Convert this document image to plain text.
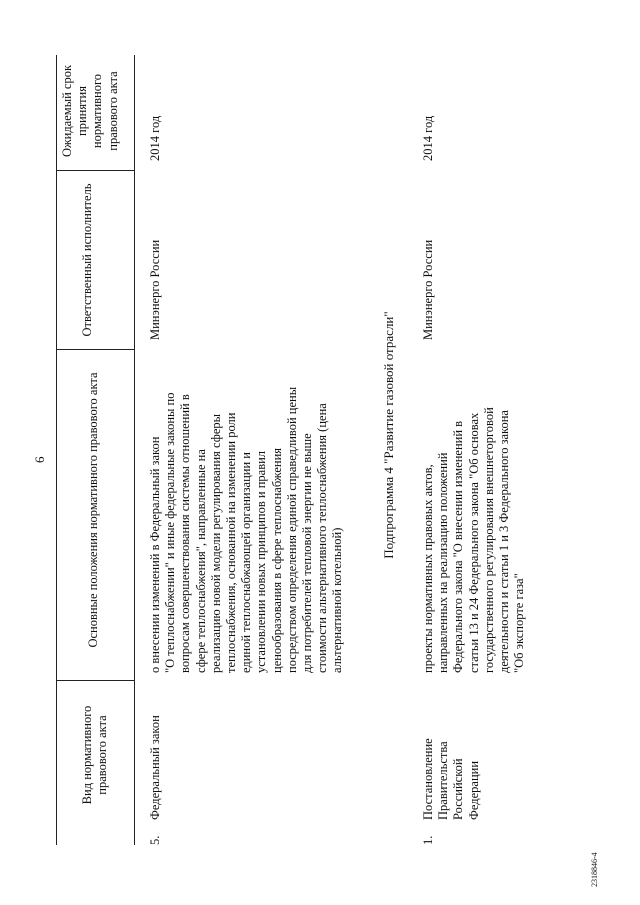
6
Вид нормативного правового акта
Основные положения нормативного правового акта
Ответственный исполнитель
Ожидаемый срок принятия нормативного правового акта
5.
Федеральный закон
о внесении изменений в Федеральный закон
"О теплоснабжении" и иные федеральные законы по
вопросам совершенствования системы отношений в
сфере теплоснабжения", направленные на
реализацию новой модели регулирования сферы
теплоснабжения, основанной на изменении роли
единой теплоснабжающей организации и
установлении новых принципов и правил
ценообразования в сфере теплоснабжения
посредством определения единой справедливой цены
для потребителей тепловой энергии не выше
стоимости альтернативного теплоснабжения (цена
альтернативной котельной)
Минэнерго России
2014 год
Подпрограмма 4 "Развитие газовой отрасли"
1.
Постановление
Правительства
Российской
Федерации
проекты нормативных правовых актов,
направленных на реализацию положений
Федерального закона "О внесении изменений в
статьи 13 и 24 Федерального закона "Об основах
государственного регулирования внешнеторговой
деятельности и статьи 1 и 3 Федерального закона
"Об экспорте газа"
Минэнерго России
2014 год
2318846-4
